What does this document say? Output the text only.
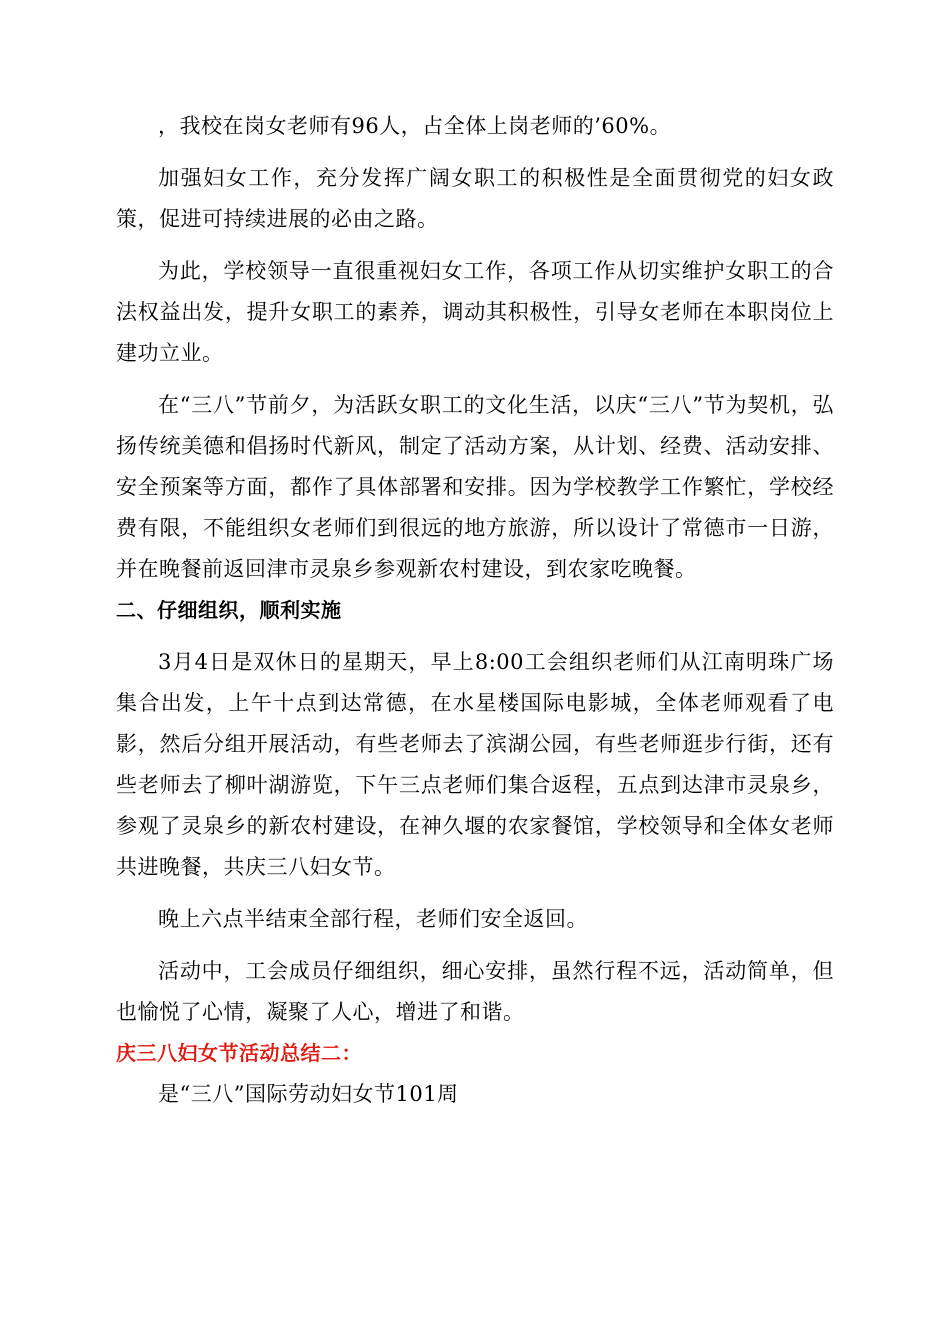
，我校在岗女老师有96人，占全体上岗老师的’60%。

加强妇女工作，充分发挥广阔女职工的积极性是全面贯彻党的妇女政策，促进可持续进展的必由之路。

为此，学校领导一直很重视妇女工作，各项工作从切实维护女职工的合法权益出发，提升女职工的素养，调动其积极性，引导女老师在本职岗位上建功立业。

在“三八”节前夕，为活跃女职工的文化生活，以庆“三八”节为契机，弘扬传统美德和倡扬时代新风，制定了活动方案，从计划、经费、活动安排、安全预案等方面，都作了具体部署和安排。因为学校教学工作繁忙，学校经费有限，不能组织女老师们到很远的地方旅游，所以设计了常德市一日游，并在晚餐前返回津市灵泉乡参观新农村建设，到农家吃晚餐。

二、仔细组织，顺利实施

3月4日是双休日的星期天，早上8:00工会组织老师们从江南明珠广场集合出发，上午十点到达常德，在水星楼国际电影城，全体老师观看了电影，然后分组开展活动，有些老师去了滨湖公园，有些老师逛步行街，还有些老师去了柳叶湖游览，下午三点老师们集合返程，五点到达津市灵泉乡，参观了灵泉乡的新农村建设，在神久堰的农家餐馆，学校领导和全体女老师共进晚餐，共庆三八妇女节。

晚上六点半结束全部行程，老师们安全返回。

活动中，工会成员仔细组织，细心安排，虽然行程不远，活动简单，但也愉悦了心情，凝聚了人心，增进了和谐。

庆三八妇女节活动总结二：

是“三八”国际劳动妇女节101周
